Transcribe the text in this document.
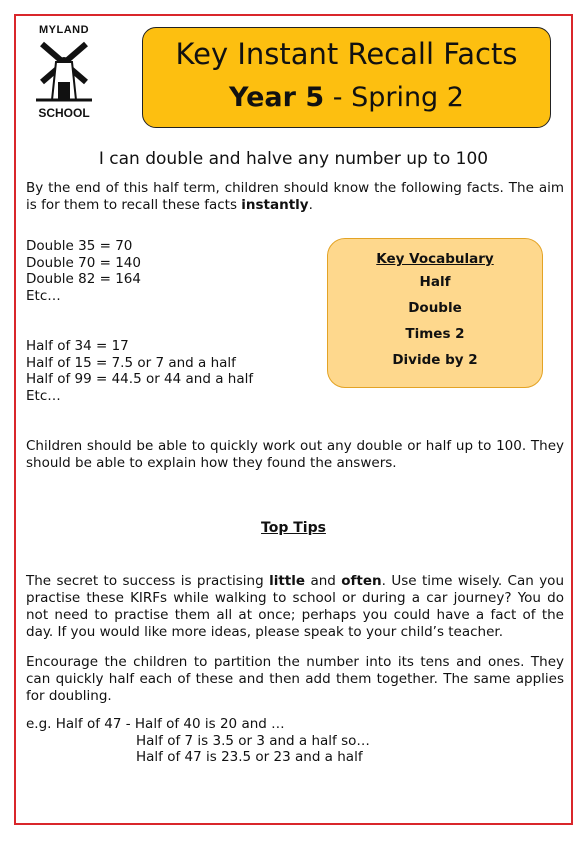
MYLAND
SCHOOL
Key Instant Recall Facts
Year 5 - Spring 2
I can double and halve any number up to 100
By the end of this half term, children should know the following facts. The aim is for them to recall these facts instantly.
Double 35 = 70
Double 70 = 140
Double 82 = 164
Etc…
Half of 34 = 17
Half of 15 = 7.5 or 7 and a half
Half of 99 = 44.5 or 44 and a half
Etc…
Key Vocabulary
Half
Double
Times 2
Divide by 2
Children should be able to quickly work out any double or half up to 100. They should be able to explain how they found the answers.
Top Tips
The secret to success is practising little and often. Use time wisely. Can you practise these KIRFs while walking to school or during a car journey? You do not need to practise them all at once; perhaps you could have a fact of the day. If you would like more ideas, please speak to your child’s teacher.
Encourage the children to partition the number into its tens and ones. They can quickly half each of these and then add them together. The same applies for doubling.
e.g. Half of 47 - Half of 40 is 20 and …
Half of 7 is 3.5 or 3 and a half so…
Half of 47 is 23.5 or 23 and a half
